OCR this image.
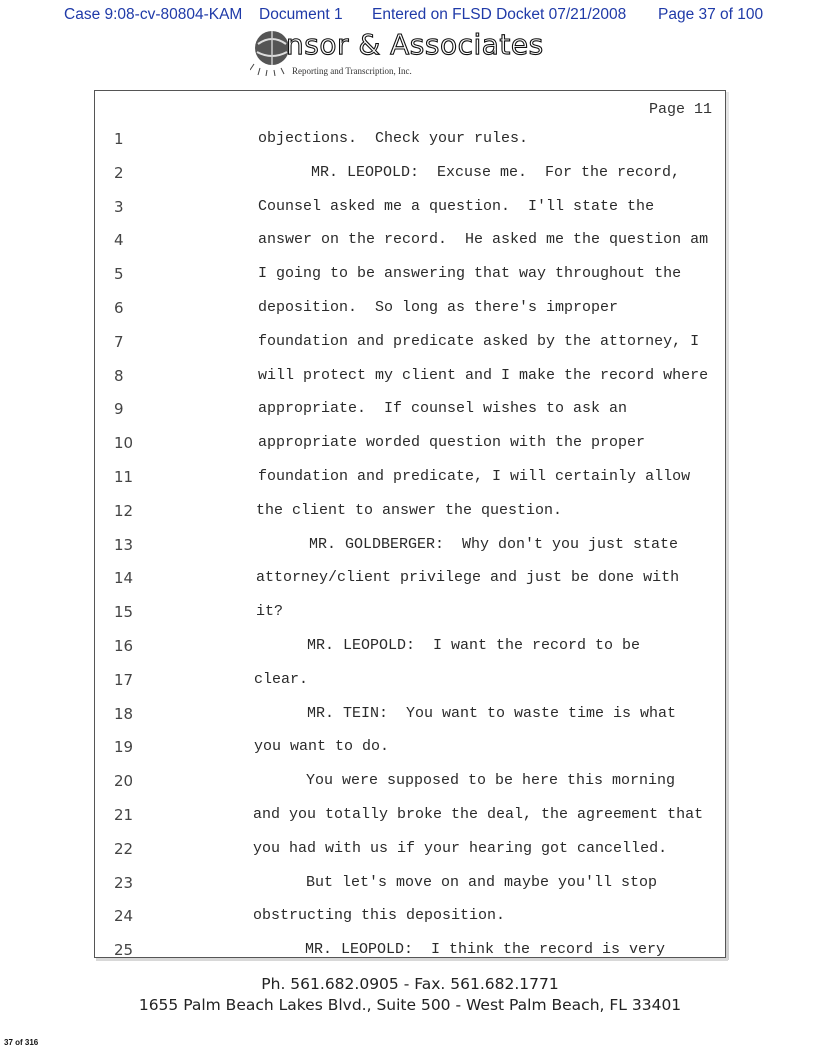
Case 9:08-cv-80804-KAM Document 1 Entered on FLSD Docket 07/21/2008 Page 37 of 100
nsor & Associates
Reporting and Transcription, Inc.
Page 11
1	objections.  Check your rules.
2	MR. LEOPOLD:  Excuse me.  For the record,
3	Counsel asked me a question.  I'll state the
4	answer on the record.  He asked me the question am
5	I going to be answering that way throughout the
6	deposition.  So long as there's improper
7	foundation and predicate asked by the attorney, I
8	will protect my client and I make the record where
9	appropriate.  If counsel wishes to ask an
10	appropriate worded question with the proper
11	foundation and predicate, I will certainly allow
12	the client to answer the question.
13	MR. GOLDBERGER:  Why don't you just state
14	attorney/client privilege and just be done with
15	it?
16	MR. LEOPOLD:  I want the record to be
17	clear.
18	MR. TEIN:  You want to waste time is what
19	you want to do.
20	You were supposed to be here this morning
21	and you totally broke the deal, the agreement that
22	you had with us if your hearing got cancelled.
23	But let's move on and maybe you'll stop
24	obstructing this deposition.
25	MR. LEOPOLD:  I think the record is very
Ph. 561.682.0905 - Fax. 561.682.1771
1655 Palm Beach Lakes Blvd., Suite 500 - West Palm Beach, FL 33401
37 of 316
